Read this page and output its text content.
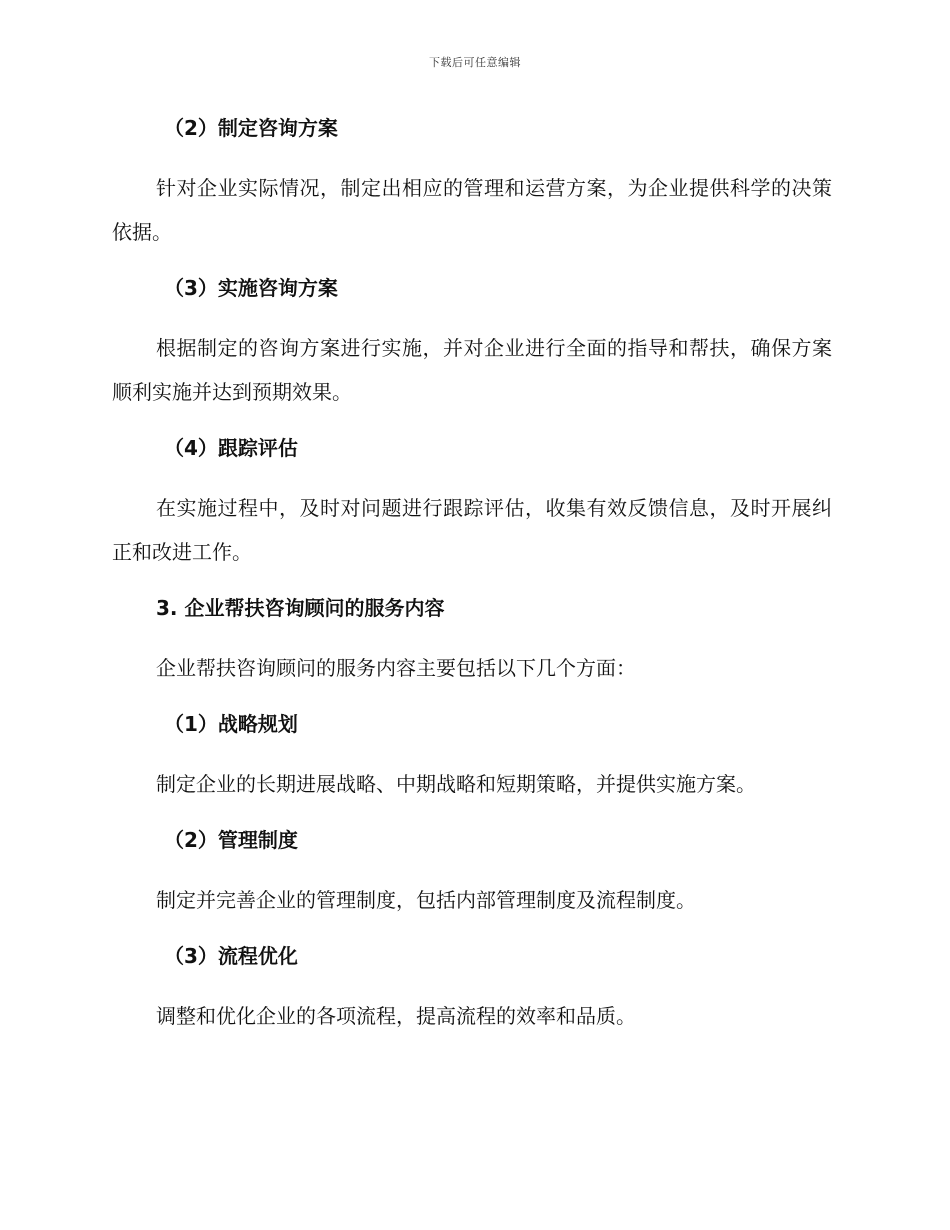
下载后可任意编辑
（2）制定咨询方案

针对企业实际情况，制定出相应的管理和运营方案，为企业提供科学的决策依据。

（3）实施咨询方案

根据制定的咨询方案进行实施，并对企业进行全面的指导和帮扶，确保方案顺利实施并达到预期效果。

（4）跟踪评估

在实施过程中，及时对问题进行跟踪评估，收集有效反馈信息，及时开展纠正和改进工作。

3. 企业帮扶咨询顾问的服务内容

企业帮扶咨询顾问的服务内容主要包括以下几个方面：

（1）战略规划

制定企业的长期进展战略、中期战略和短期策略，并提供实施方案。

（2）管理制度

制定并完善企业的管理制度，包括内部管理制度及流程制度。

（3）流程优化

调整和优化企业的各项流程，提高流程的效率和品质。
